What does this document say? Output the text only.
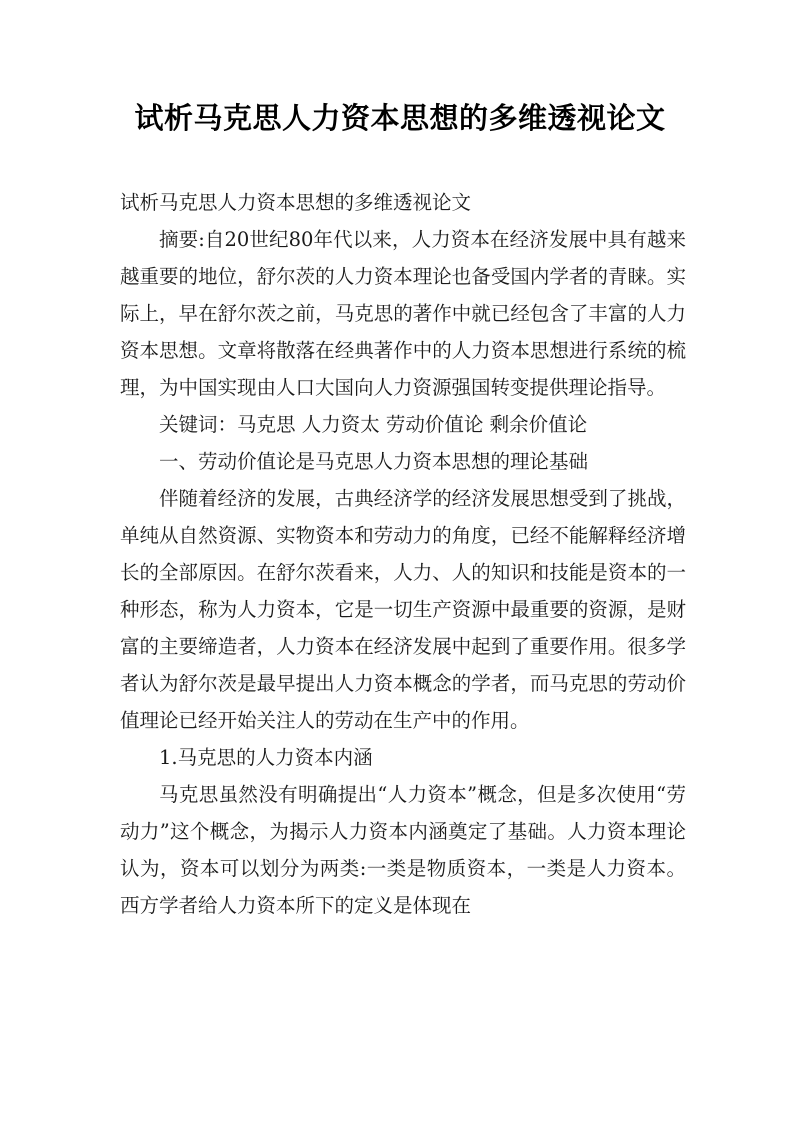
试析马克思人力资本思想的多维透视论文

试析马克思人力资本思想的多维透视论文

摘要:自20世纪80年代以来，人力资本在经济发展中具有越来越重要的地位，舒尔茨的人力资本理论也备受国内学者的青睐。实际上，早在舒尔茨之前，马克思的著作中就已经包含了丰富的人力资本思想。文章将散落在经典著作中的人力资本思想进行系统的梳理，为中国实现由人口大国向人力资源强国转变提供理论指导。

关键词：马克思 人力资太 劳动价值论 剩余价值论

一、劳动价值论是马克思人力资本思想的理论基础

伴随着经济的发展，古典经济学的经济发展思想受到了挑战，单纯从自然资源、实物资本和劳动力的角度，已经不能解释经济增长的全部原因。在舒尔茨看来，人力、人的知识和技能是资本的一种形态，称为人力资本，它是一切生产资源中最重要的资源，是财富的主要缔造者，人力资本在经济发展中起到了重要作用。很多学者认为舒尔茨是最早提出人力资本概念的学者，而马克思的劳动价值理论已经开始关注人的劳动在生产中的作用。

1.马克思的人力资本内涵

马克思虽然没有明确提出“人力资本”概念，但是多次使用“劳动力”这个概念，为揭示人力资本内涵奠定了基础。人力资本理论认为，资本可以划分为两类:一类是物质资本，一类是人力资本。西方学者给人力资本所下的定义是体现在
